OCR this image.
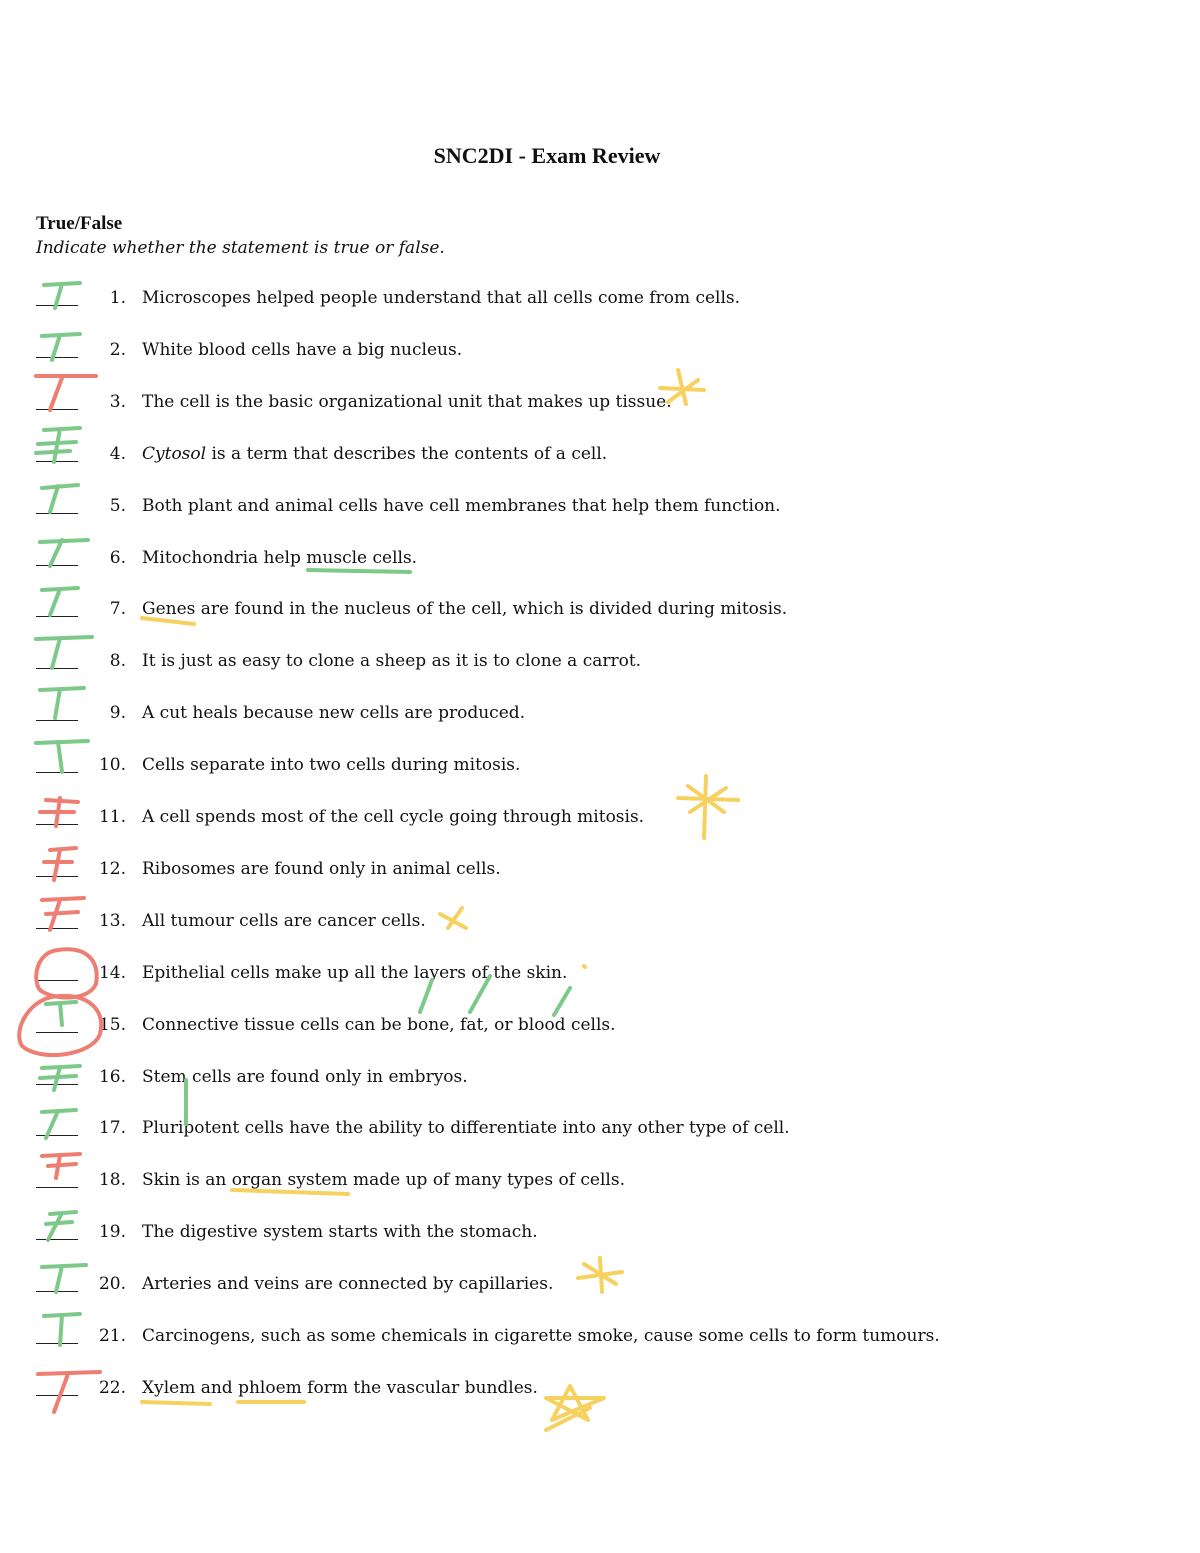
SNC2DI - Exam Review
True/False
Indicate whether the statement is true or false.
1. Microscopes helped people understand that all cells come from cells.
2. White blood cells have a big nucleus.
3. The cell is the basic organizational unit that makes up tissue.
4. Cytosol is a term that describes the contents of a cell.
5. Both plant and animal cells have cell membranes that help them function.
6. Mitochondria help muscle cells.
7. Genes are found in the nucleus of the cell, which is divided during mitosis.
8. It is just as easy to clone a sheep as it is to clone a carrot.
9. A cut heals because new cells are produced.
10. Cells separate into two cells during mitosis.
11. A cell spends most of the cell cycle going through mitosis.
12. Ribosomes are found only in animal cells.
13. All tumour cells are cancer cells.
14. Epithelial cells make up all the layers of the skin.
15. Connective tissue cells can be bone, fat, or blood cells.
16. Stem cells are found only in embryos.
17. Pluripotent cells have the ability to differentiate into any other type of cell.
18. Skin is an organ system made up of many types of cells.
19. The digestive system starts with the stomach.
20. Arteries and veins are connected by capillaries.
21. Carcinogens, such as some chemicals in cigarette smoke, cause some cells to form tumours.
22. Xylem and phloem form the vascular bundles.
